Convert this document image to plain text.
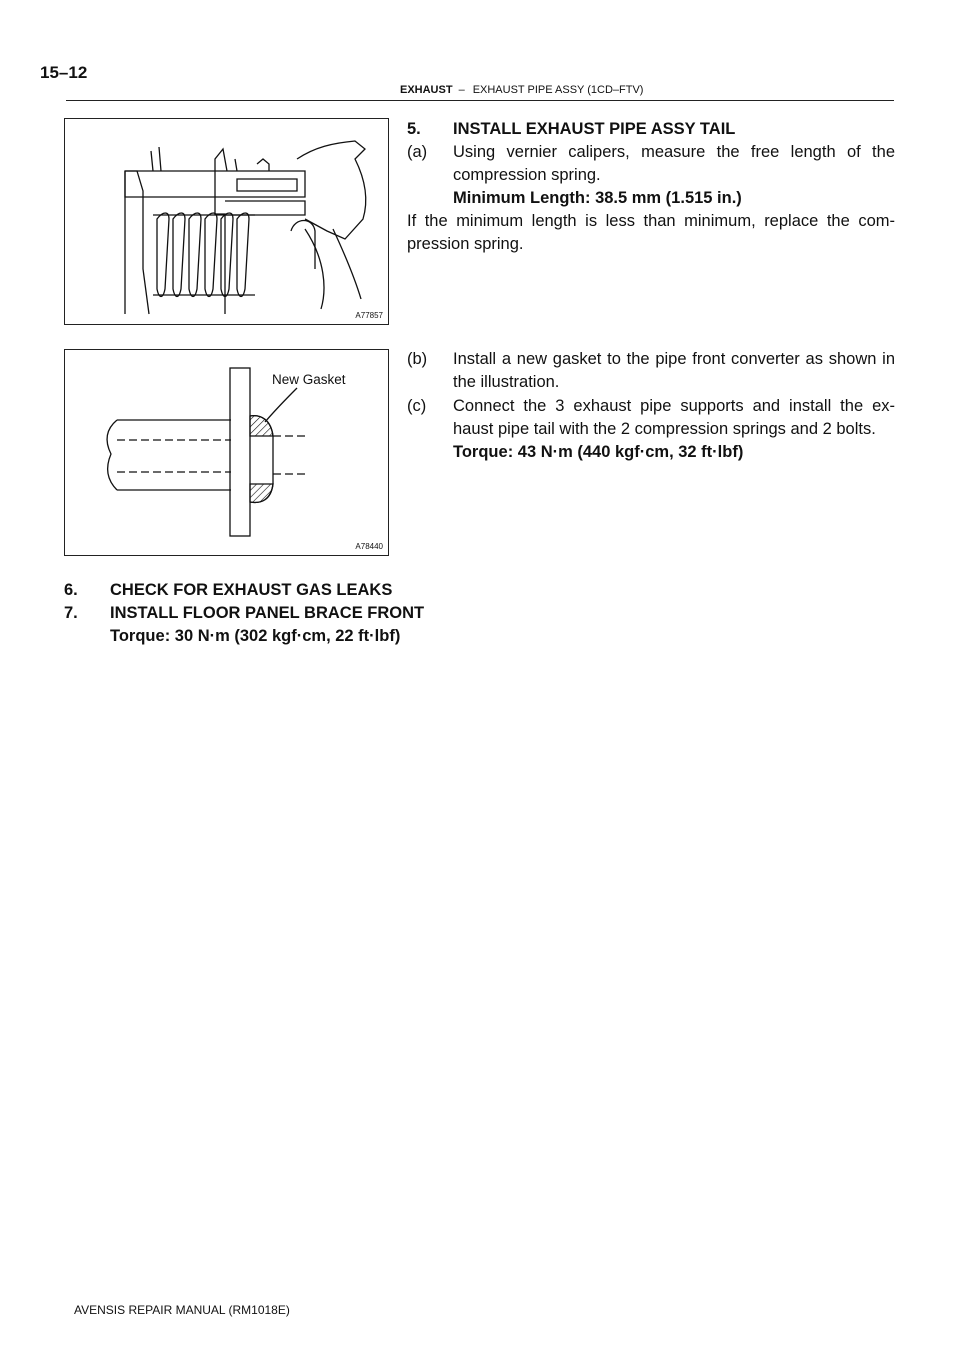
15–12
EXHAUST – EXHAUST PIPE ASSY (1CD–FTV)
A77857
New Gasket
A78440
5. INSTALL EXHAUST PIPE ASSY TAIL
(a) Using vernier calipers, measure the free length of the compression spring.
Minimum Length: 38.5 mm (1.515 in.)
If the minimum length is less than minimum, replace the com- pression spring.
(b) Install a new gasket to the pipe front converter as shown in the illustration.
(c) Connect the 3 exhaust pipe supports and install the ex- haust pipe tail with the 2 compression springs and 2 bolts.
Torque: 43 N·m (440 kgf·cm, 32 ft·lbf)
6. CHECK FOR EXHAUST GAS LEAKS
7. INSTALL FLOOR PANEL BRACE FRONT
Torque: 30 N·m (302 kgf·cm, 22 ft·lbf)
AVENSIS REPAIR MANUAL (RM1018E)
